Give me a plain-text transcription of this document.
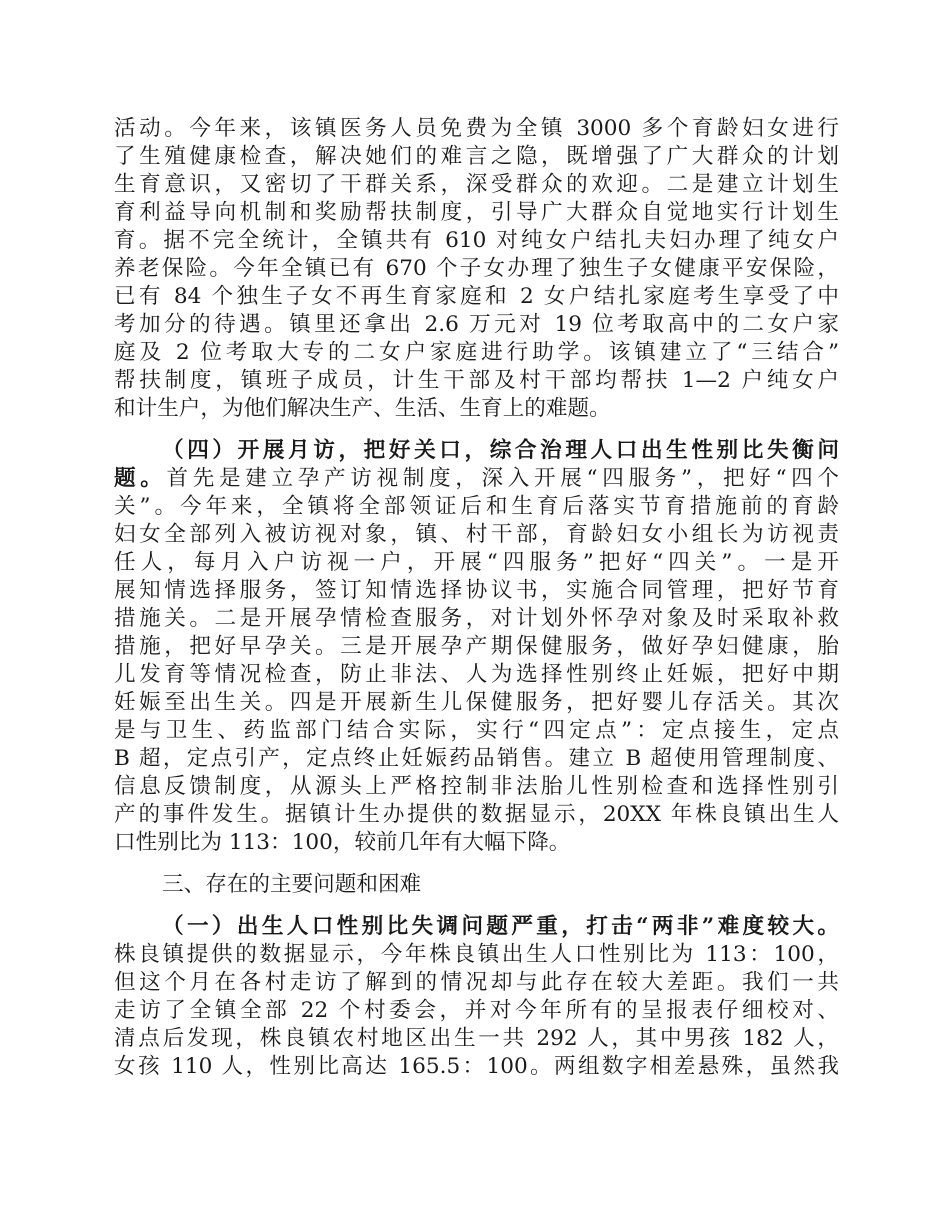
活动。今年来，该镇医务人员免费为全镇 3000 多个育龄妇女进行
了生殖健康检查，解决她们的难言之隐，既增强了广大群众的计划
生育意识，又密切了干群关系，深受群众的欢迎。二是建立计划生
育利益导向机制和奖励帮扶制度，引导广大群众自觉地实行计划生
育。据不完全统计，全镇共有 610 对纯女户结扎夫妇办理了纯女户
养老保险。今年全镇已有 670 个子女办理了独生子女健康平安保险，
已有 84 个独生子女不再生育家庭和 2 女户结扎家庭考生享受了中
考加分的待遇。镇里还拿出 2.6 万元对 19 位考取高中的二女户家
庭及 2 位考取大专的二女户家庭进行助学。该镇建立了“三结合”
帮扶制度，镇班子成员，计生干部及村干部均帮扶 1—2 户纯女户
和计生户，为他们解决生产、生活、生育上的难题。
（四）开展月访，把好关口，综合治理人口出生性别比失衡问
题。首先是建立孕产访视制度，深入开展“四服务”，把好“四个
关”。今年来，全镇将全部领证后和生育后落实节育措施前的育龄
妇女全部列入被访视对象，镇、村干部，育龄妇女小组长为访视责
任人，每月入户访视一户，开展“四服务”把好“四关”。一是开
展知情选择服务，签订知情选择协议书，实施合同管理，把好节育
措施关。二是开展孕情检查服务，对计划外怀孕对象及时采取补救
措施，把好早孕关。三是开展孕产期保健服务，做好孕妇健康，胎
儿发育等情况检查，防止非法、人为选择性别终止妊娠，把好中期
妊娠至出生关。四是开展新生儿保健服务，把好婴儿存活关。其次
是与卫生、药监部门结合实际，实行“四定点”：定点接生，定点
B 超，定点引产，定点终止妊娠药品销售。建立 B 超使用管理制度、
信息反馈制度，从源头上严格控制非法胎儿性别检查和选择性别引
产的事件发生。据镇计生办提供的数据显示，20XX 年株良镇出生人
口性别比为 113：100，较前几年有大幅下降。
三、存在的主要问题和困难
（一）出生人口性别比失调问题严重，打击“两非”难度较大。
株良镇提供的数据显示，今年株良镇出生人口性别比为 113：100，
但这个月在各村走访了解到的情况却与此存在较大差距。我们一共
走访了全镇全部 22 个村委会，并对今年所有的呈报表仔细校对、
清点后发现，株良镇农村地区出生一共 292 人，其中男孩 182 人，
女孩 110 人，性别比高达 165.5：100。两组数字相差悬殊，虽然我
